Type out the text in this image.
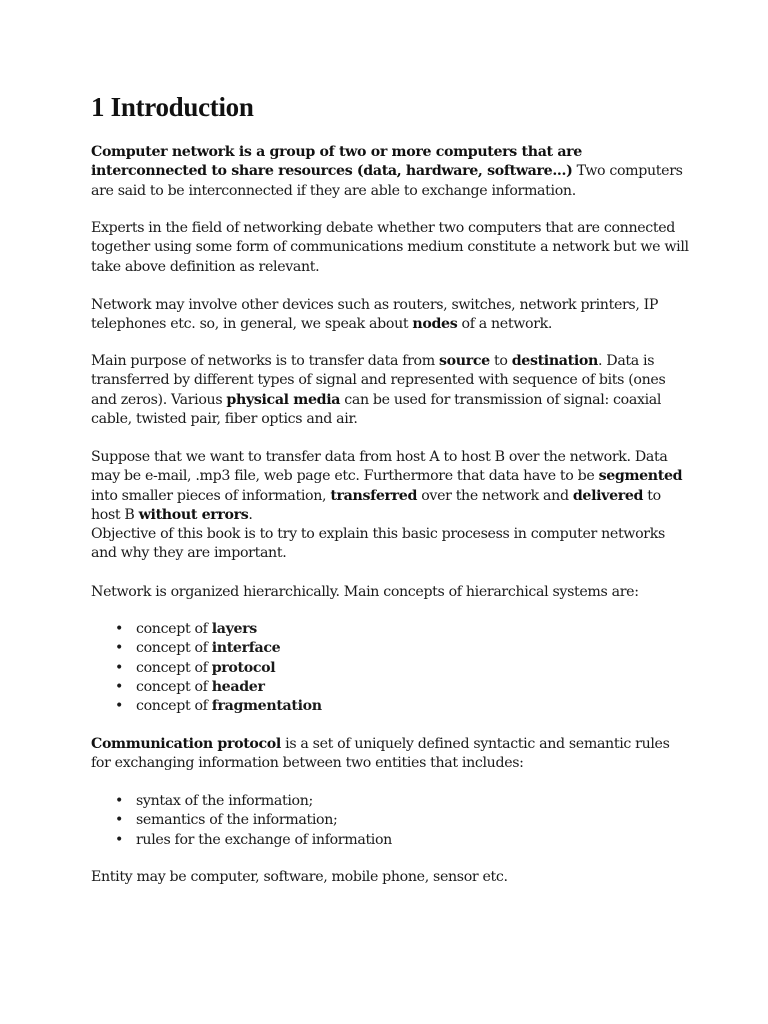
1 Introduction

Computer network is a group of two or more computers that are interconnected to share resources (data, hardware, software...) Two computers are said to be interconnected if they are able to exchange information.

Experts in the field of networking debate whether two computers that are connected together using some form of communications medium constitute a network but we will take above definition as relevant.

Network may involve other devices such as routers, switches, network printers, IP telephones etc. so, in general, we speak about nodes of a network.

Main purpose of networks is to transfer data from source to destination. Data is transferred by different types of signal and represented with sequence of bits (ones and zeros). Various physical media can be used for transmission of signal: coaxial cable, twisted pair, fiber optics and air.

Suppose that we want to transfer data from host A to host B over the network. Data may be e-mail, .mp3 file, web page etc. Furthermore that data have to be segmented into smaller pieces of information, transferred over the network and delivered to host B without errors.
Objective of this book is to try to explain this basic procesess in computer networks and why they are important.

Network is organized hierarchically. Main concepts of hierarchical systems are:

• concept of layers
• concept of interface
• concept of protocol
• concept of header
• concept of fragmentation

Communication protocol is a set of uniquely defined syntactic and semantic rules for exchanging information between two entities that includes:

• syntax of the information;
• semantics of the information;
• rules for the exchange of information

Entity may be computer, software, mobile phone, sensor etc.
